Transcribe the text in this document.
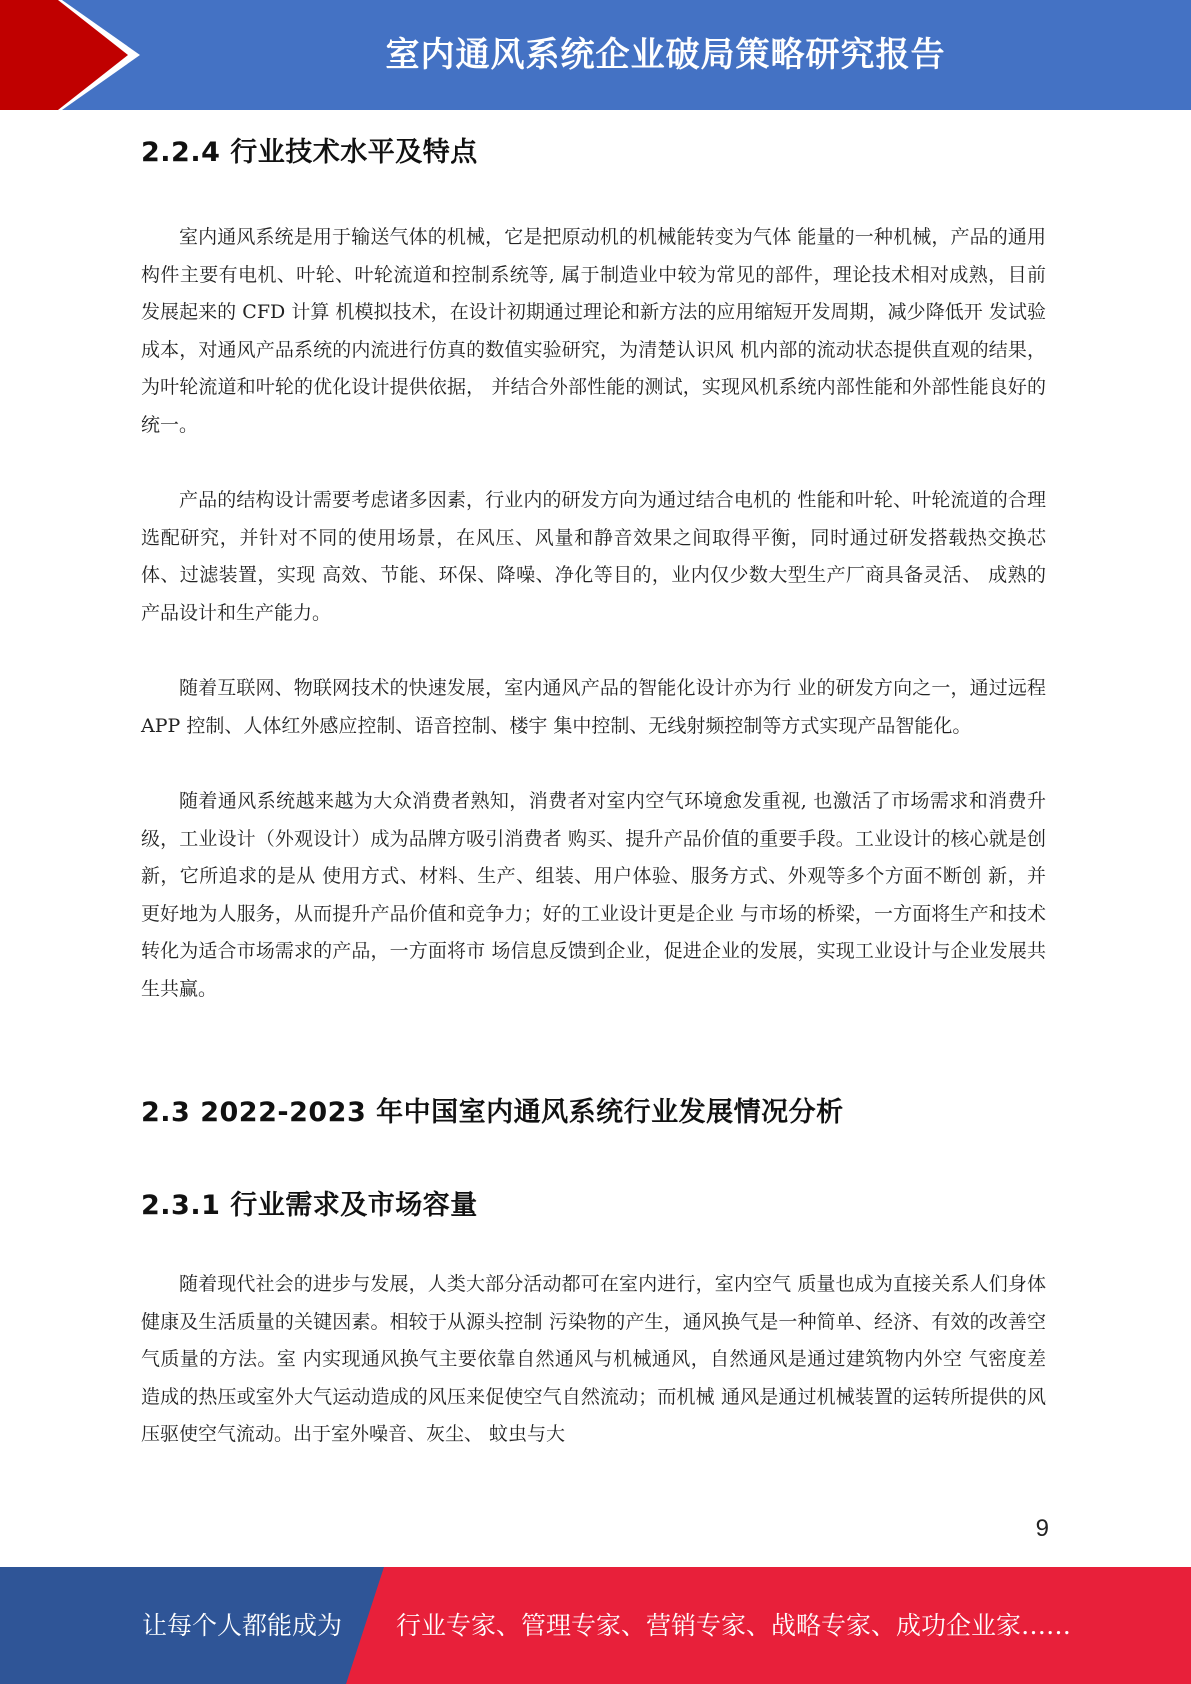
室内通风系统企业破局策略研究报告
2.2.4 行业技术水平及特点

室内通风系统是用于输送气体的机械，它是把原动机的机械能转变为气体 能量的一种机械，产品的通用构件主要有电机、叶轮、叶轮流道和控制系统等, 属于制造业中较为常见的部件，理论技术相对成熟，目前发展起来的 CFD 计算 机模拟技术，在设计初期通过理论和新方法的应用缩短开发周期，减少降低开 发试验成本，对通风产品系统的内流进行仿真的数值实验研究，为清楚认识风 机内部的流动状态提供直观的结果，为叶轮流道和叶轮的优化设计提供依据， 并结合外部性能的测试，实现风机系统内部性能和外部性能良好的统一。

产品的结构设计需要考虑诸多因素，行业内的研发方向为通过结合电机的 性能和叶轮、叶轮流道的合理选配研究，并针对不同的使用场景，在风压、风量和静音效果之间取得平衡，同时通过研发搭载热交换芯体、过滤装置，实现 高效、节能、环保、降噪、净化等目的，业内仅少数大型生产厂商具备灵活、 成熟的产品设计和生产能力。

随着互联网、物联网技术的快速发展，室内通风产品的智能化设计亦为行 业的研发方向之一，通过远程 APP 控制、人体红外感应控制、语音控制、楼宇 集中控制、无线射频控制等方式实现产品智能化。

随着通风系统越来越为大众消费者熟知，消费者对室内空气环境愈发重视, 也激活了市场需求和消费升级，工业设计（外观设计）成为品牌方吸引消费者 购买、提升产品价值的重要手段。工业设计的核心就是创新，它所追求的是从 使用方式、材料、生产、组装、用户体验、服务方式、外观等多个方面不断创 新，并更好地为人服务，从而提升产品价值和竞争力；好的工业设计更是企业 与市场的桥梁，一方面将生产和技术转化为适合市场需求的产品，一方面将市 场信息反馈到企业，促进企业的发展，实现工业设计与企业发展共生共赢。

2.3 2022-2023 年中国室内通风系统行业发展情况分析
2.3.1 行业需求及市场容量

随着现代社会的进步与发展，人类大部分活动都可在室内进行，室内空气 质量也成为直接关系人们身体健康及生活质量的关键因素。相较于从源头控制 污染物的产生，通风换气是一种简单、经济、有效的改善空气质量的方法。室 内实现通风换气主要依靠自然通风与机械通风，自然通风是通过建筑物内外空 气密度差造成的热压或室外大气运动造成的风压来促使空气自然流动；而机械 通风是通过机械装置的运转所提供的风压驱使空气流动。出于室外噪音、灰尘、 蚊虫与大

9
让每个人都能成为 行业专家、管理专家、营销专家、战略专家、成功企业家……
